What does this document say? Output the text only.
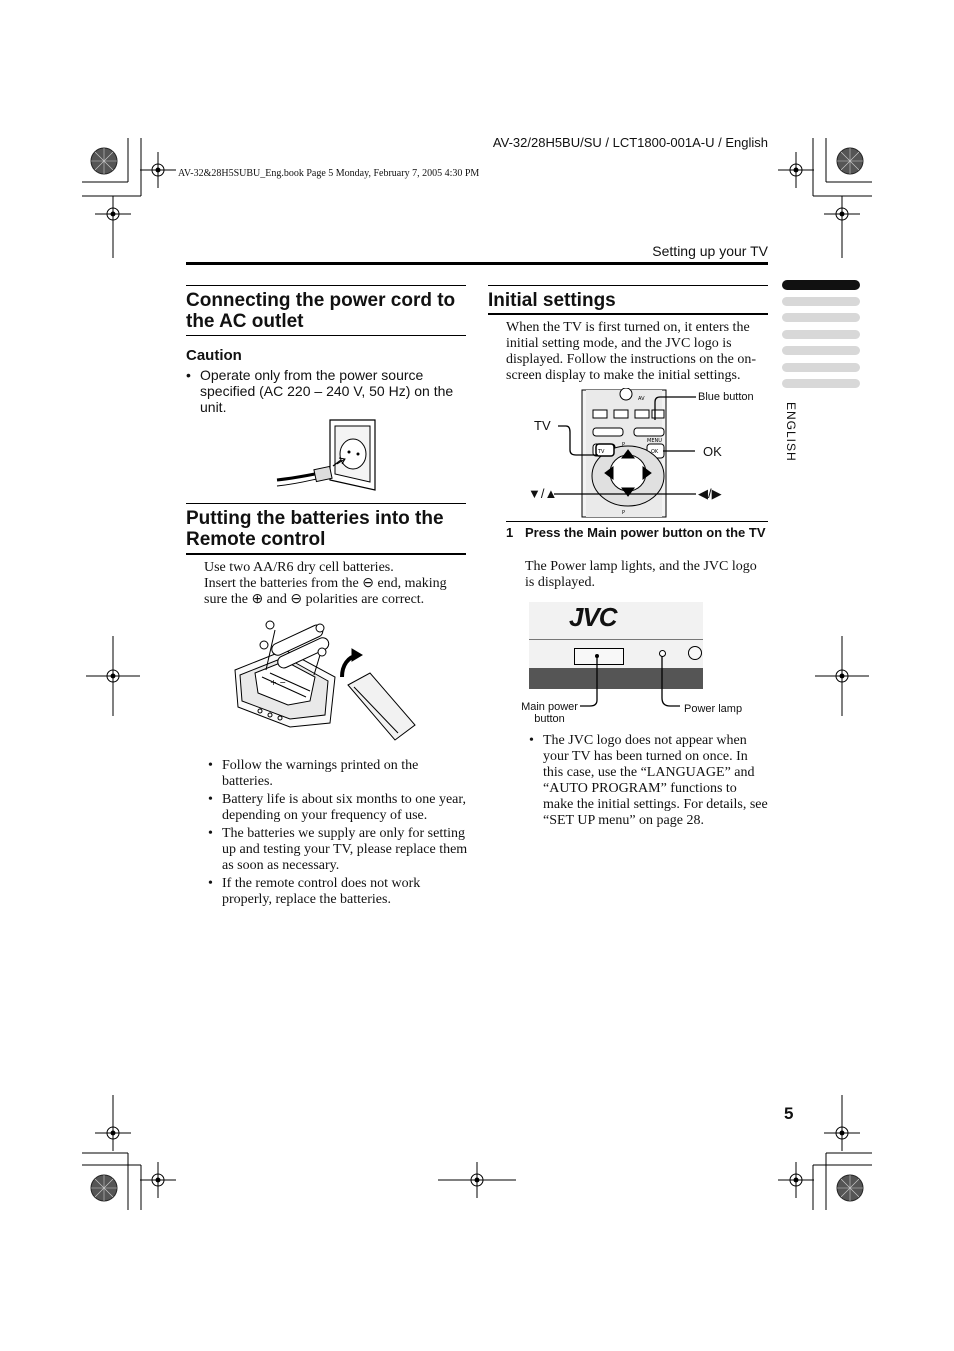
AV-32/28H5BU/SU / LCT1800-001A-U / English
AV-32&28H5SUBU_Eng.book Page 5 Monday, February 7, 2005 4:30 PM
Setting up your TV
ENGLISH
Connecting the power cord to the AC outlet
Caution
• Operate only from the power source specified (AC 220 – 240 V, 50 Hz) on the unit.
Putting the batteries into the Remote control
Use two AA/R6 dry cell batteries.
Insert the batteries from the ⊖ end, making
sure the ⊕ and ⊖ polarities are correct.
+ −
• Follow the warnings printed on the batteries.
• Battery life is about six months to one year, depending on your frequency of use.
• The batteries we supply are only for setting up and testing your TV, please replace them as soon as necessary.
• If the remote control does not work properly, replace the batteries.
Initial settings
When the TV is first turned on, it enters the initial setting mode, and the JVC logo is displayed. Follow the instructions on the on-screen display to make the initial settings.
TV
Blue button
OK
▼/▲	◀/▶
AV
MENU
OK
TV
P
P
1 Press the Main power button on the TV
The Power lamp lights, and the JVC logo is displayed.
JVC
Main power
button
Power lamp
• The JVC logo does not appear when your TV has been turned on once. In this case, use the “LANGUAGE” and “AUTO PROGRAM” functions to make the initial settings. For details, see “SET UP menu” on page 28.
5
